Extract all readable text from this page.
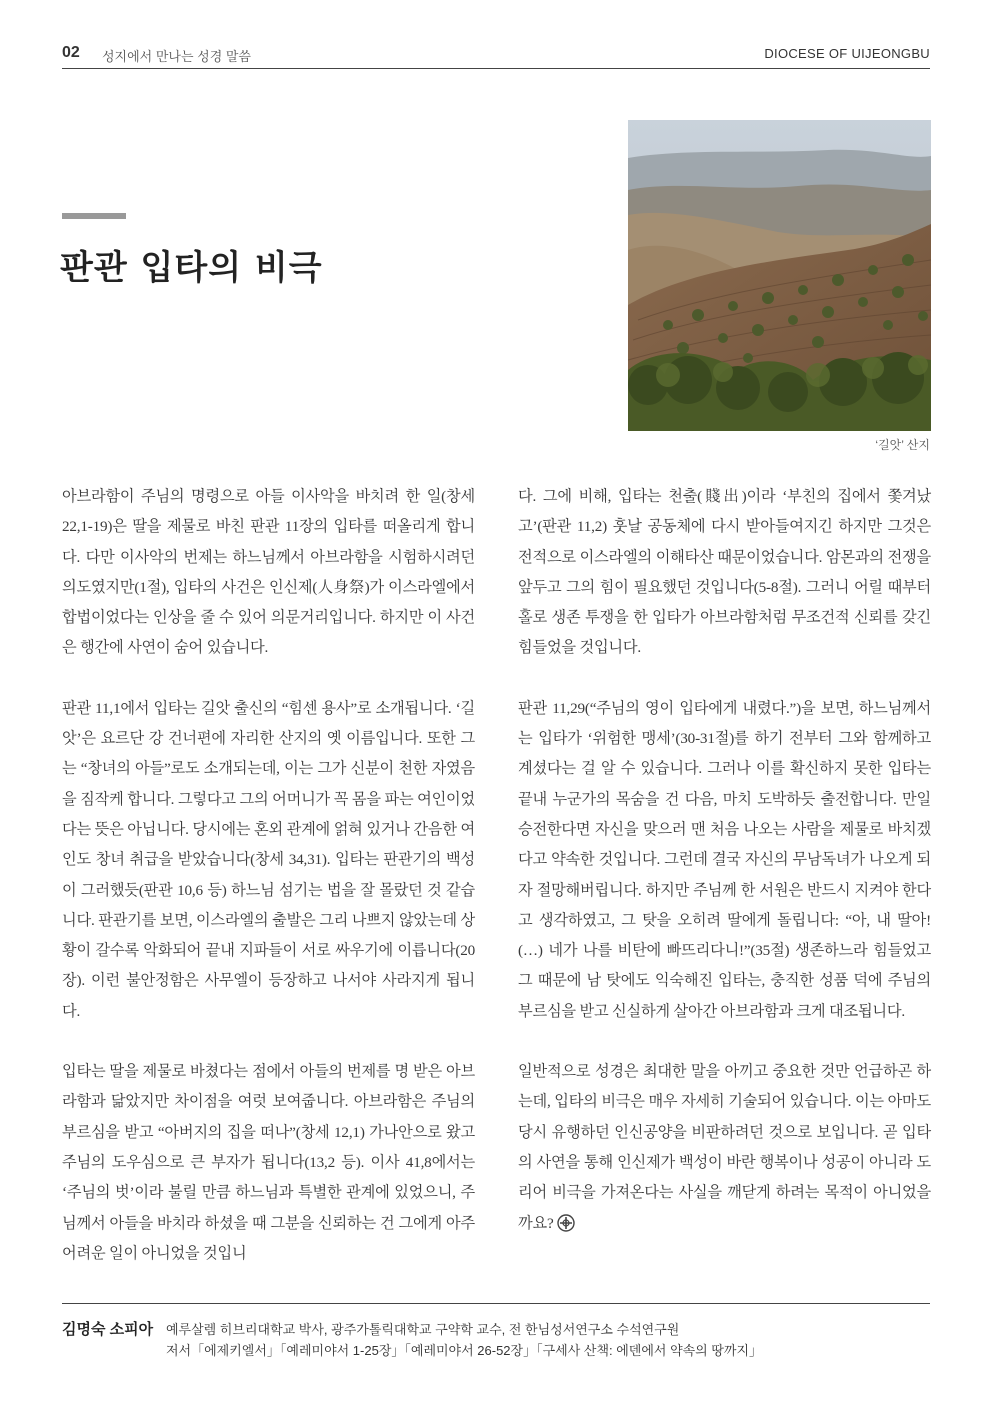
02 성지에서 만나는 성경 말씀	DIOCESE OF UIJEONGBU
판관 입타의 비극
‘길앗’ 산지

아브라함이 주님의 명령으로 아들 이사악을 바치려 한 일(창세 22,1-19)은 딸을 제물로 바친 판관 11장의 입타를 떠올리게 합니다. 다만 이사악의 번제는 하느님께서 아브라함을 시험하시려던 의도였지만(1절), 입타의 사건은 인신제(人身祭)가 이스라엘에서 합법이었다는 인상을 줄 수 있어 의문거리입니다. 하지만 이 사건은 행간에 사연이 숨어 있습니다.

판관 11,1에서 입타는 길앗 출신의 “힘센 용사”로 소개됩니다. ‘길앗’은 요르단 강 건너편에 자리한 산지의 옛 이름입니다. 또한 그는 “창녀의 아들”로도 소개되는데, 이는 그가 신분이 천한 자였음을 짐작케 합니다. 그렇다고 그의 어머니가 꼭 몸을 파는 여인이었다는 뜻은 아닙니다. 당시에는 혼외 관계에 얽혀 있거나 간음한 여인도 창녀 취급을 받았습니다(창세 34,31). 입타는 판관기의 백성이 그러했듯(판관 10,6 등) 하느님 섬기는 법을 잘 몰랐던 것 같습니다. 판관기를 보면, 이스라엘의 출발은 그리 나쁘지 않았는데 상황이 갈수록 악화되어 끝내 지파들이 서로 싸우기에 이릅니다(20장). 이런 불안정함은 사무엘이 등장하고 나서야 사라지게 됩니다.

입타는 딸을 제물로 바쳤다는 점에서 아들의 번제를 명 받은 아브라함과 닮았지만 차이점을 여럿 보여줍니다. 아브라함은 주님의 부르심을 받고 “아버지의 집을 떠나”(창세 12,1) 가나안으로 왔고 주님의 도우심으로 큰 부자가 됩니다(13,2 등). 이사 41,8에서는 ‘주님의 벗’이라 불릴 만큼 하느님과 특별한 관계에 있었으니, 주님께서 아들을 바치라 하셨을 때 그분을 신뢰하는 건 그에게 아주 어려운 일이 아니었을 것입니

다. 그에 비해, 입타는 천출(賤出)이라 ‘부친의 집에서 쫓겨났고’(판관 11,2) 훗날 공동체에 다시 받아들여지긴 하지만 그것은 전적으로 이스라엘의 이해타산 때문이었습니다. 암몬과의 전쟁을 앞두고 그의 힘이 필요했던 것입니다(5-8절). 그러니 어릴 때부터 홀로 생존 투쟁을 한 입타가 아브라함처럼 무조건적 신뢰를 갖긴 힘들었을 것입니다.

판관 11,29(“주님의 영이 입타에게 내렸다.”)을 보면, 하느님께서는 입타가 ‘위험한 맹세’(30-31절)를 하기 전부터 그와 함께하고 계셨다는 걸 알 수 있습니다. 그러나 이를 확신하지 못한 입타는 끝내 누군가의 목숨을 건 다음, 마치 도박하듯 출전합니다. 만일 승전한다면 자신을 맞으러 맨 처음 나오는 사람을 제물로 바치겠다고 약속한 것입니다. 그런데 결국 자신의 무남독녀가 나오게 되자 절망해버립니다. 하지만 주님께 한 서원은 반드시 지켜야 한다고 생각하였고, 그 탓을 오히려 딸에게 돌립니다: “아, 내 딸아! (…) 네가 나를 비탄에 빠뜨리다니!”(35절) 생존하느라 힘들었고 그 때문에 남 탓에도 익숙해진 입타는, 충직한 성품 덕에 주님의 부르심을 받고 신실하게 살아간 아브라함과 크게 대조됩니다.

일반적으로 성경은 최대한 말을 아끼고 중요한 것만 언급하곤 하는데, 입타의 비극은 매우 자세히 기술되어 있습니다. 이는 아마도 당시 유행하던 인신공양을 비판하려던 것으로 보입니다. 곧 입타의 사연을 통해 인신제가 백성이 바란 행복이나 성공이 아니라 도리어 비극을 가져온다는 사실을 깨닫게 하려는 목적이 아니었을까요?

김명숙 소피아 예루살렘 히브리대학교 박사, 광주가톨릭대학교 구약학 교수, 전 한님성서연구소 수석연구원
저서「에제키엘서」「예레미야서 1-25장」「예레미야서 26-52장」「구세사 산책: 에덴에서 약속의 땅까지」
